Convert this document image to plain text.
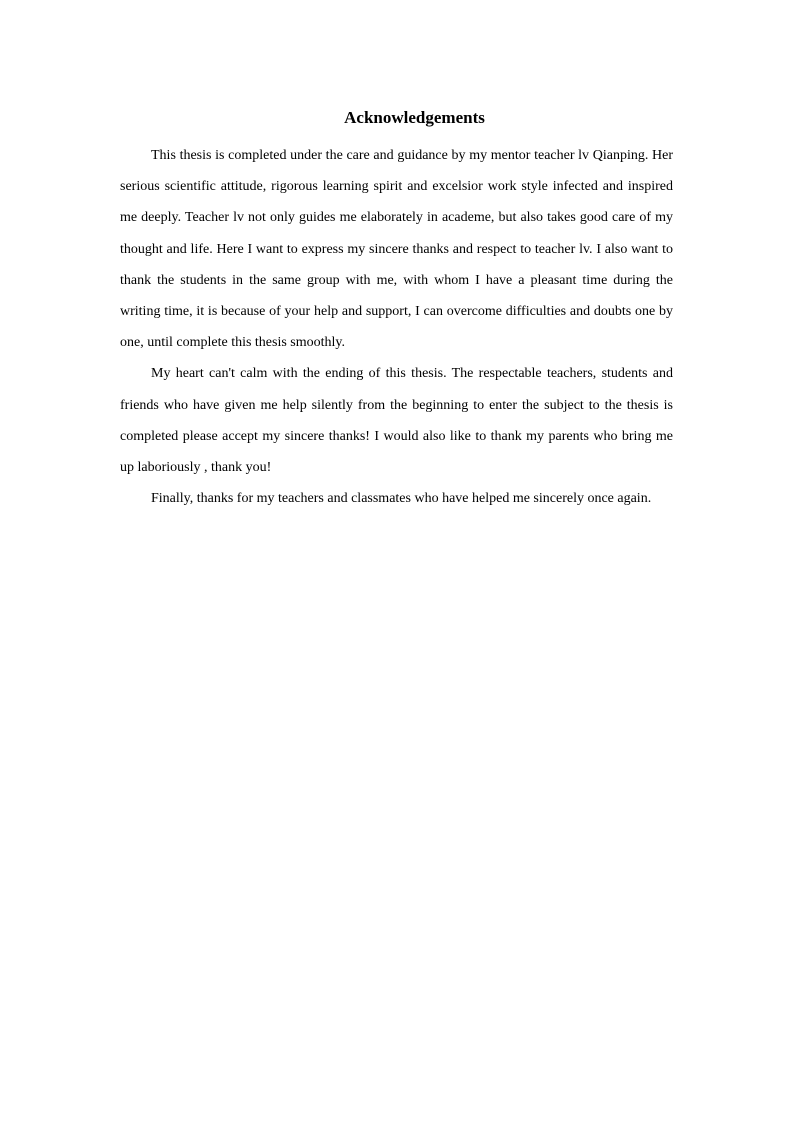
Acknowledgements

This thesis is completed under the care and guidance by my mentor teacher lv Qianping. Her serious scientific attitude, rigorous learning spirit and excelsior work style infected and inspired me deeply. Teacher lv not only guides me elaborately in academe, but also takes good care of my thought and life. Here I want to express my sincere thanks and respect to teacher lv. I also want to thank the students in the same group with me, with whom I have a pleasant time during the writing time, it is because of your help and support, I can overcome difficulties and doubts one by one, until complete this thesis smoothly.

My heart can't calm with the ending of this thesis. The respectable teachers, students and friends who have given me help silently from the beginning to enter the subject to the thesis is completed please accept my sincere thanks! I would also like to thank my parents who bring me up laboriously , thank you!

Finally, thanks for my teachers and classmates who have helped me sincerely once again.
